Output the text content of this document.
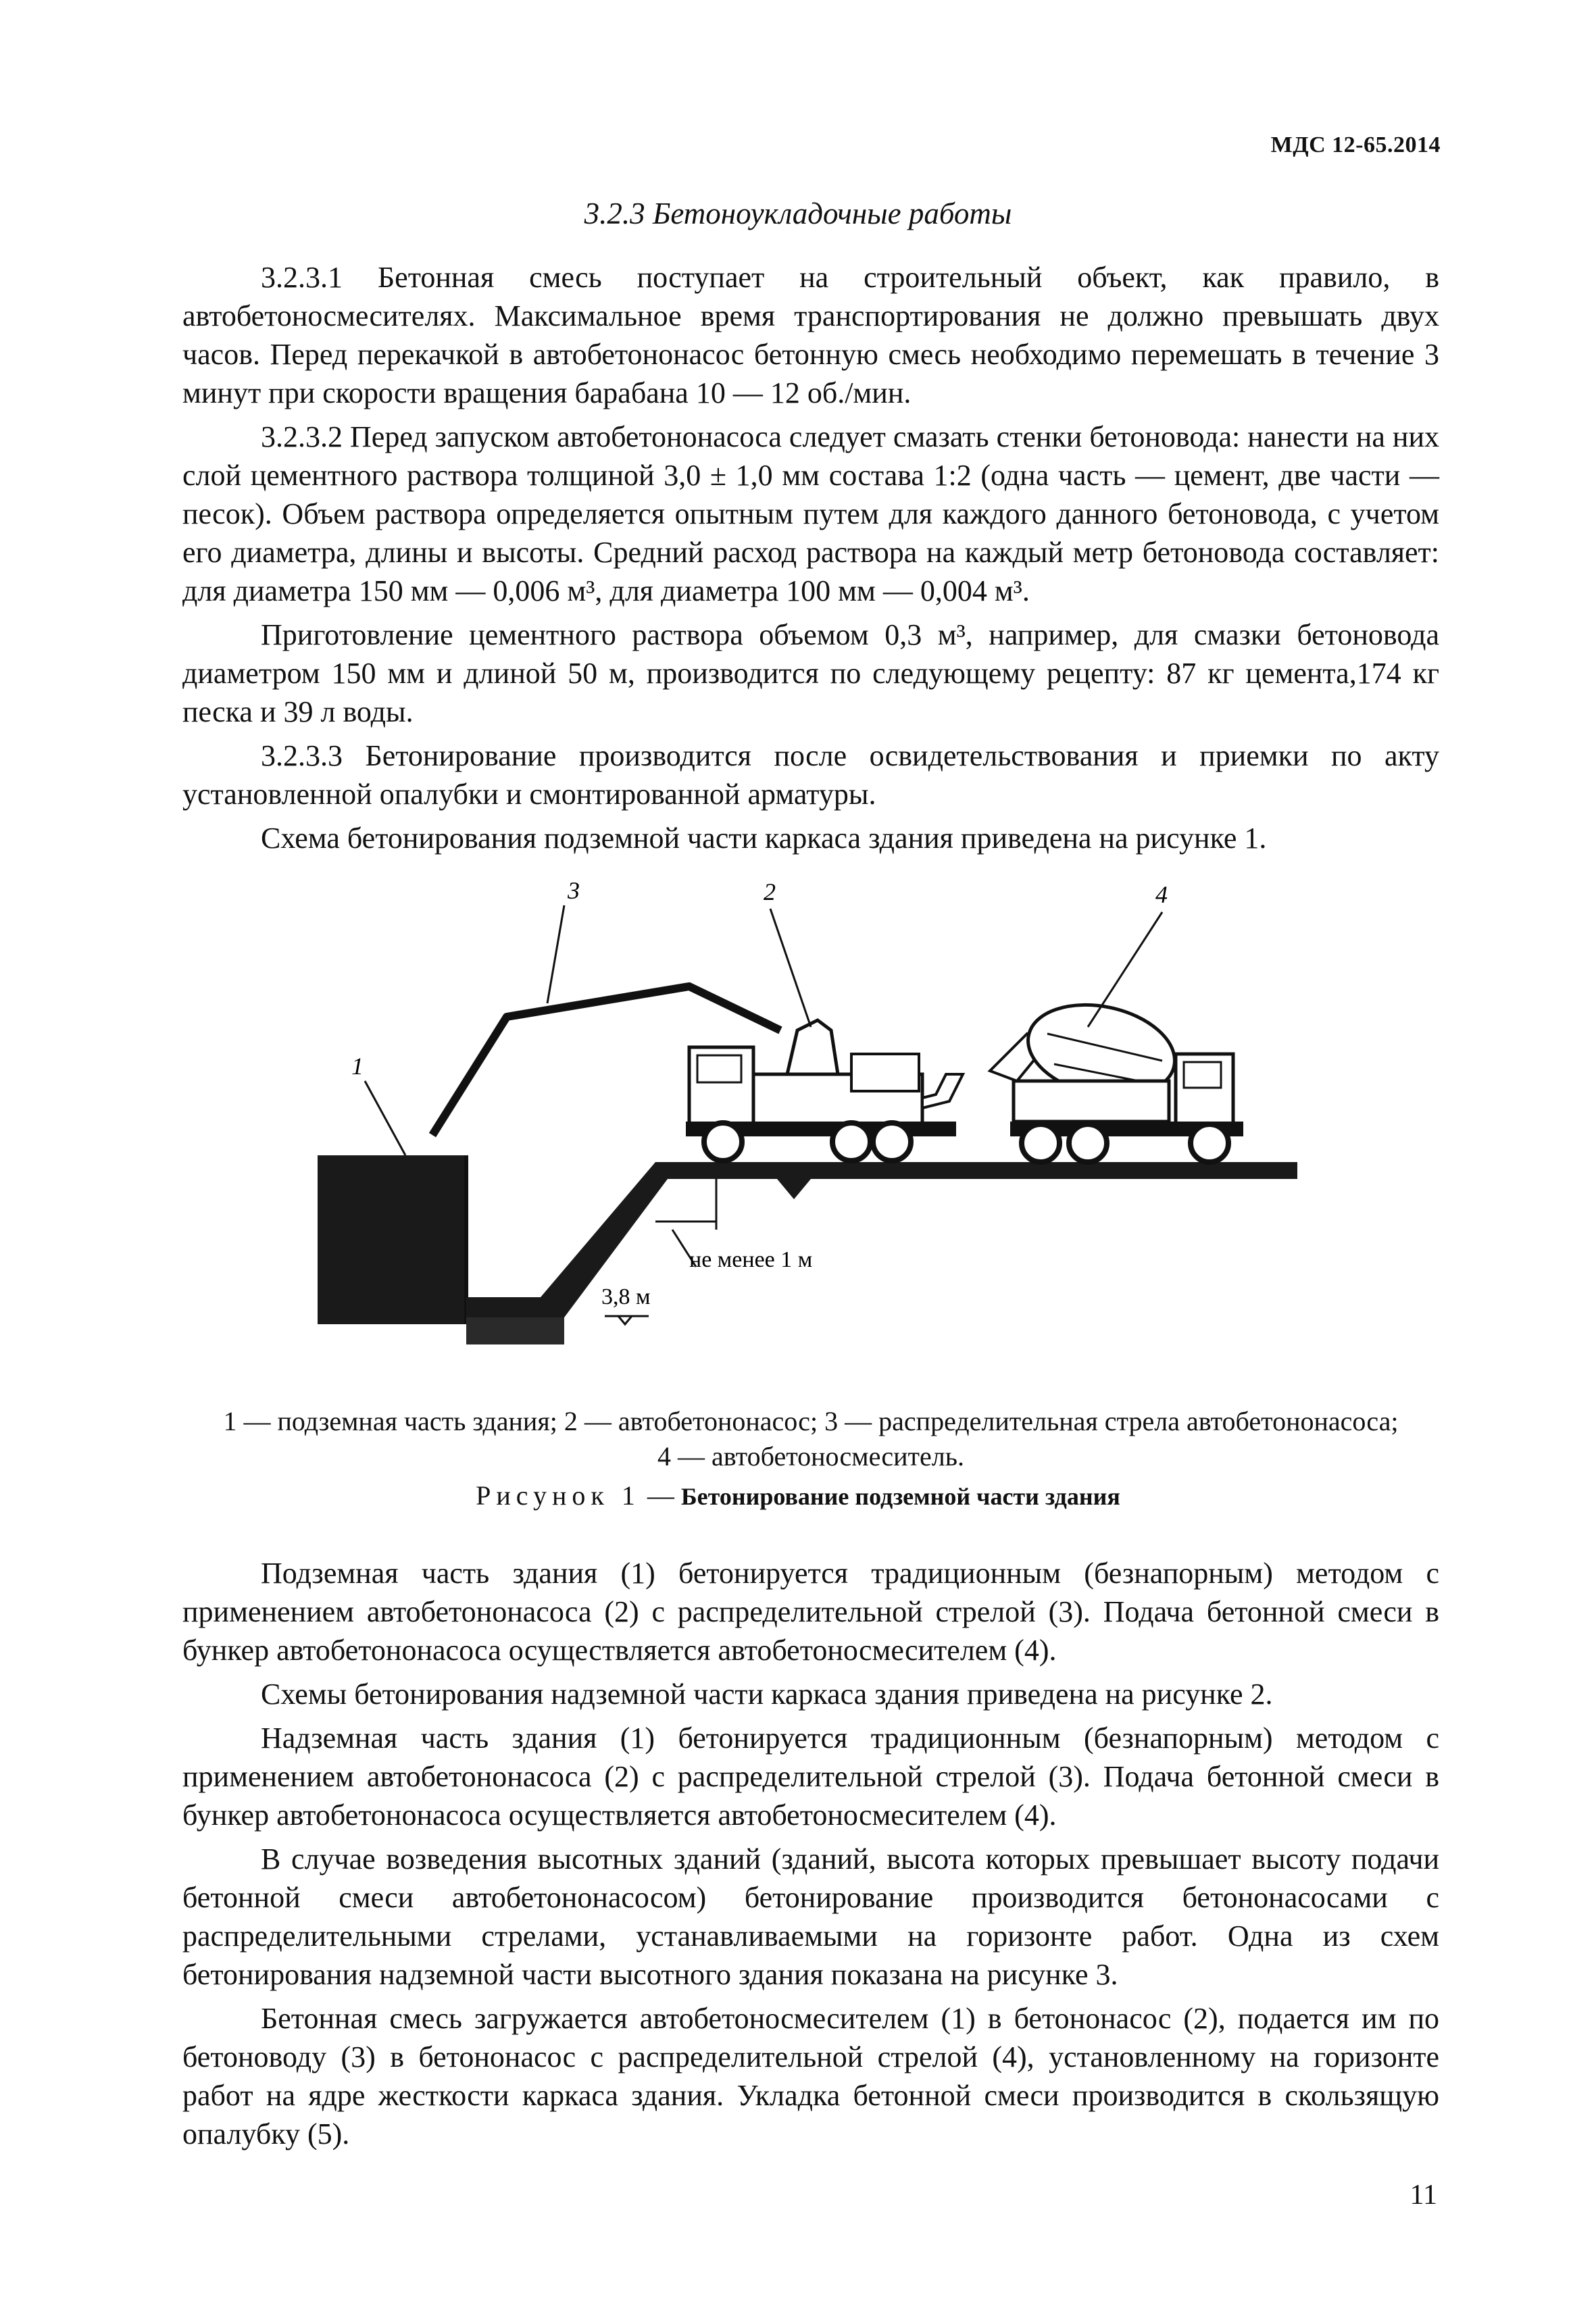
МДС 12-65.2014
3.2.3 Бетоноукладочные работы

3.2.3.1 Бетонная смесь поступает на строительный объект, как правило, в автобетоносмесителях. Максимальное время транспортирования не должно превышать двух часов. Перед перекачкой в автобетононасос бетонную смесь необходимо перемешать в течение 3 минут при скорости вращения барабана 10 — 12 об./мин.

3.2.3.2 Перед запуском автобетононасоса следует смазать стенки бетоновода: нанести на них слой цементного раствора толщиной 3,0 ± 1,0 мм состава 1:2 (одна часть — цемент, две части — песок). Объем раствора определяется опытным путем для каждого данного бетоновода, с учетом его диаметра, длины и высоты. Средний расход раствора на каждый метр бетоновода составляет: для диаметра 150 мм — 0,006 м³, для диаметра 100 мм — 0,004 м³.

Приготовление цементного раствора объемом 0,3 м³, например, для смазки бетоновода диаметром 150 мм и длиной 50 м, производится по следующему рецепту: 87 кг цемента,174 кг песка и 39 л воды.

3.2.3.3 Бетонирование производится после освидетельствования и приемки по акту установленной опалубки и смонтированной арматуры.

Схема бетонирования подземной части каркаса здания приведена на рисунке 1.

1
3	2	4
не менее 1 м
3,8 м
1 — подземная часть здания; 2 — автобетононасос; 3 — распределительная стрела автобетононасоса;
4 — автобетоносмеситель.
Рисунок 1 — Бетонирование подземной части здания

Подземная часть здания (1) бетонируется традиционным (безнапорным) методом с применением автобетононасоса (2) с распределительной стрелой (3). Подача бетонной смеси в бункер автобетононасоса осуществляется автобетоносмесителем (4).

Схемы бетонирования надземной части каркаса здания приведена на рисунке 2.

Надземная часть здания (1) бетонируется традиционным (безнапорным) методом с применением автобетононасоса (2) с распределительной стрелой (3). Подача бетонной смеси в бункер автобетононасоса осуществляется автобетоносмесителем (4).

В случае возведения высотных зданий (зданий, высота которых превышает высоту подачи бетонной смеси автобетононасосом) бетонирование производится бетононасосами с распределительными стрелами, устанавливаемыми на горизонте работ. Одна из схем бетонирования надземной части высотного здания показана на рисунке 3.

Бетонная смесь загружается автобетоносмесителем (1) в бетононасос (2), подается им по бетоноводу (3) в бетононасос с распределительной стрелой (4), установленному на горизонте работ на ядре жесткости каркаса здания. Укладка бетонной смеси производится в скользящую опалубку (5).

11
